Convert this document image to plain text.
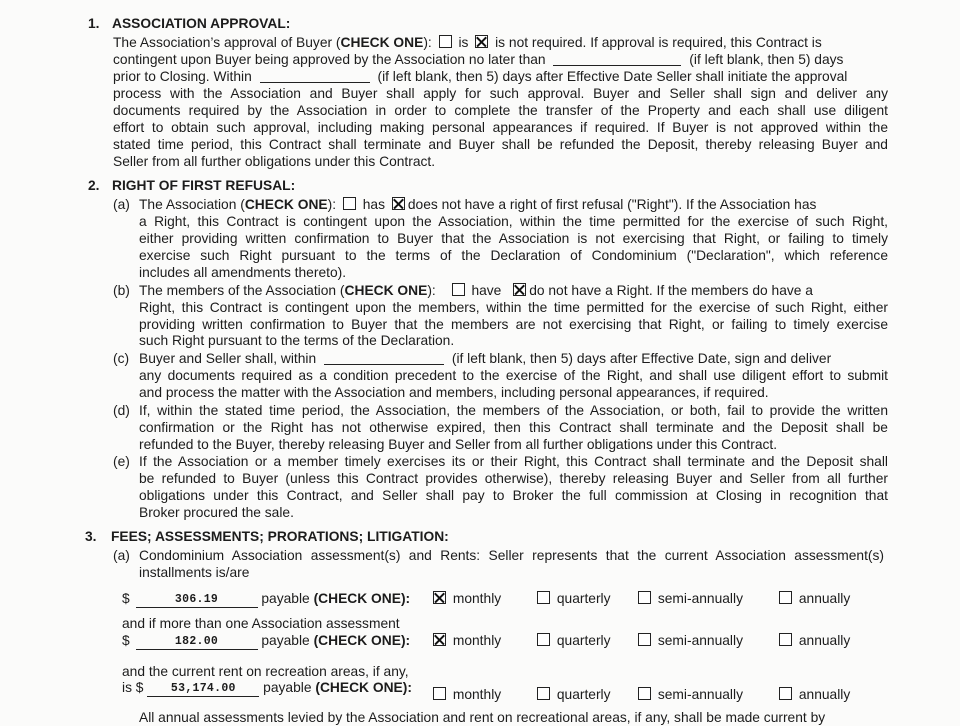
1. ASSOCIATION APPROVAL:
The Association’s approval of Buyer (CHECK ONE): is is not required. If approval is required, this Contract is
contingent upon Buyer being approved by the Association no later than	(if left blank, then 5) days
prior to Closing. Within	(if left blank, then 5) days after Effective Date Seller shall initiate the approval
process with the Association and Buyer shall apply for such approval. Buyer and Seller shall sign and deliver any
documents required by the Association in order to complete the transfer of the Property and each shall use diligent
effort to obtain such approval, including making personal appearances if required. If Buyer is not approved within the
stated time period, this Contract shall terminate and Buyer shall be refunded the Deposit, thereby releasing Buyer and
Seller from all further obligations under this Contract.
2. RIGHT OF FIRST REFUSAL:
(a) The Association (CHECK ONE): has does not have a right of first refusal ("Right"). If the Association has
a Right, this Contract is contingent upon the Association, within the time permitted for the exercise of such Right,
either providing written confirmation to Buyer that the Association is not exercising that Right, or failing to timely
exercise such Right pursuant to the terms of the Declaration of Condominium ("Declaration", which reference
includes all amendments thereto).
(b) The members of the Association (CHECK ONE):	have do not have a Right. If the members do have a
Right, this Contract is contingent upon the members, within the time permitted for the exercise of such Right, either
providing written confirmation to Buyer that the members are not exercising that Right, or failing to timely exercise
such Right pursuant to the terms of the Declaration.
(c) Buyer and Seller shall, within	(if left blank, then 5) days after Effective Date, sign and deliver
any documents required as a condition precedent to the exercise of the Right, and shall use diligent effort to submit
and process the matter with the Association and members, including personal appearances, if required.
(d) If, within the stated time period, the Association, the members of the Association, or both, fail to provide the written
confirmation or the Right has not otherwise expired, then this Contract shall terminate and the Deposit shall be
refunded to the Buyer, thereby releasing Buyer and Seller from all further obligations under this Contract.
(e) If the Association or a member timely exercises its or their Right, this Contract shall terminate and the Deposit shall
be refunded to Buyer (unless this Contract provides otherwise), thereby releasing Buyer and Seller from all further
obligations under this Contract, and Seller shall pay to Broker the full commission at Closing in recognition that
Broker procured the sale.
3. FEES; ASSESSMENTS; PRORATIONS; LITIGATION:
(a) Condominium Association assessment(s) and Rents: Seller represents that the current Association assessment(s)
installments is/are
$	306.19	payable (CHECK ONE):	monthly	quarterly	semi-annually	annually
and if more than one Association assessment
$	182.00	payable (CHECK ONE):	monthly	quarterly	semi-annually	annually
and the current rent on recreation areas, if any,
is $ 53,174.00 payable (CHECK ONE):	monthly	quarterly	semi-annually	annually
All annual assessments levied by the Association and rent on recreational areas, if any, shall be made current by
